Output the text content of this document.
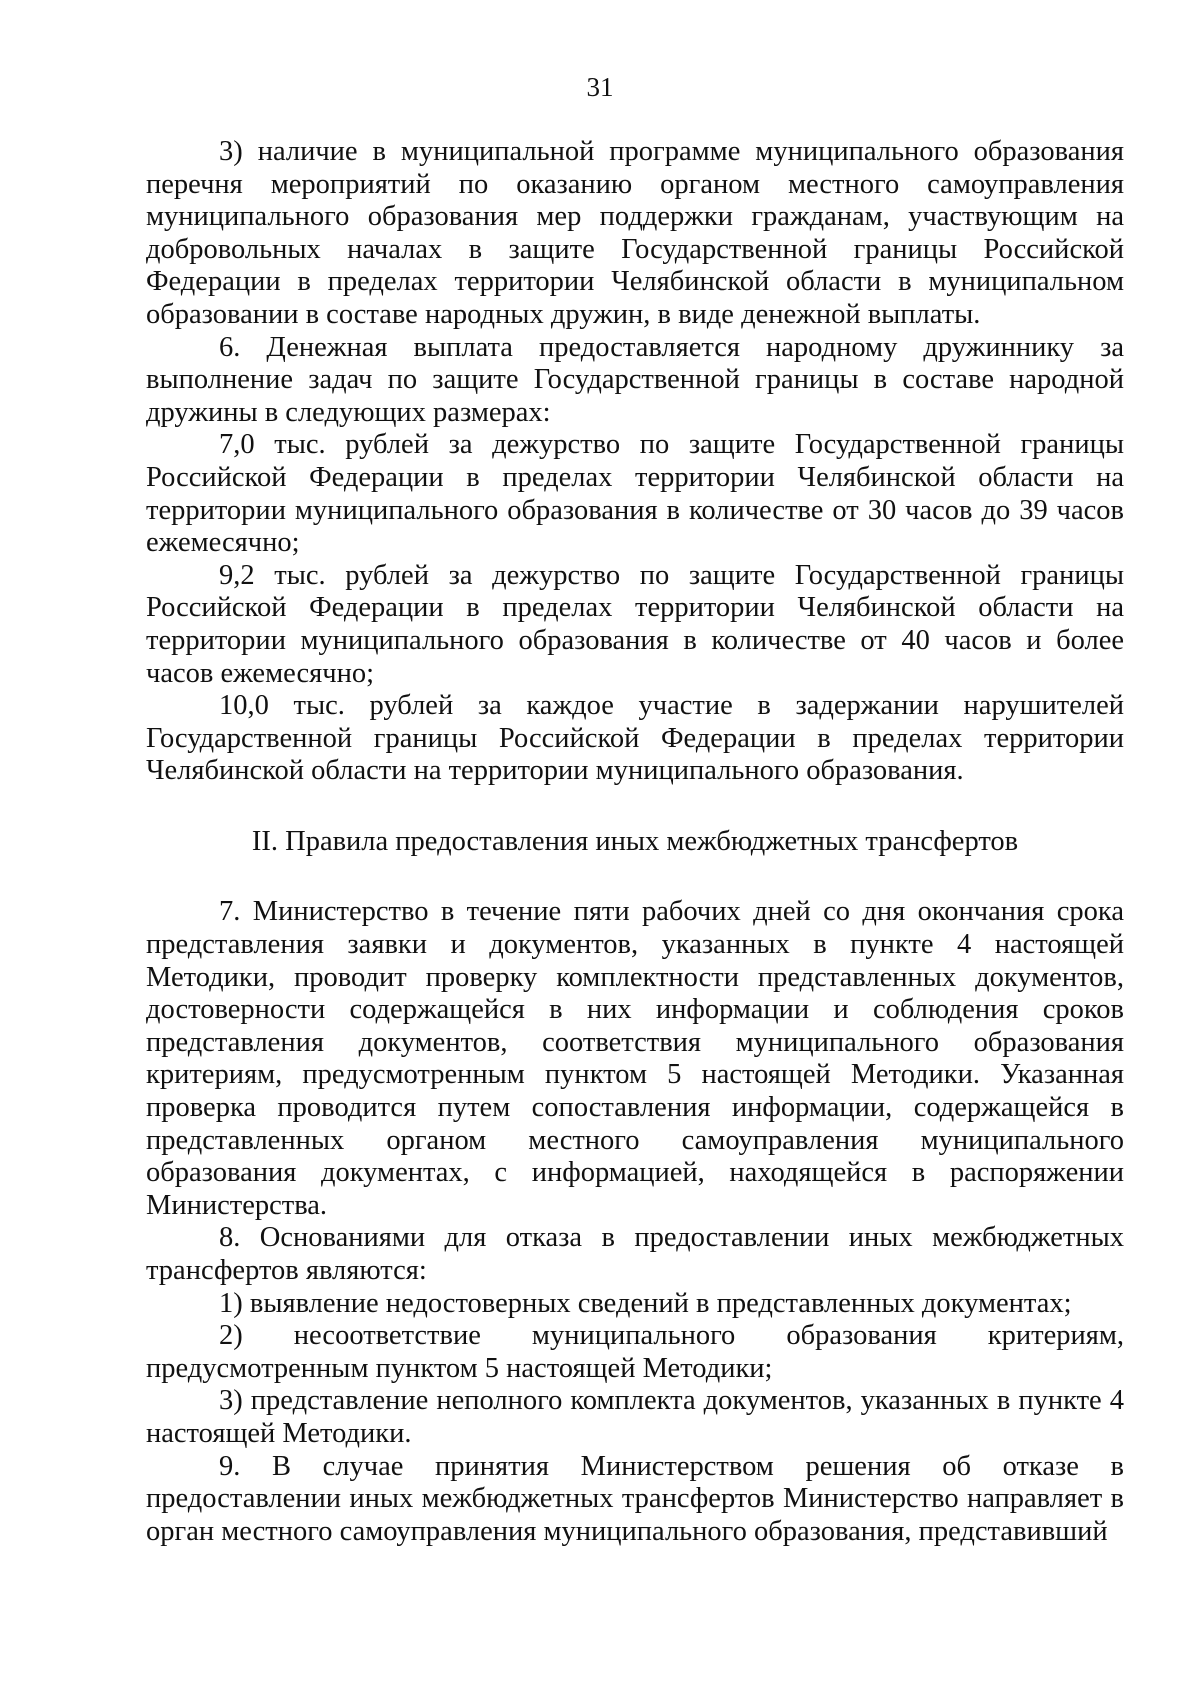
31

3) наличие в муниципальной программе муниципального образования перечня мероприятий по оказанию органом местного самоуправления муниципального образования мер поддержки гражданам, участвующим на добровольных началах в защите Государственной границы Российской Федерации в пределах территории Челябинской области в муниципальном образовании в составе народных дружин, в виде денежной выплаты.

6. Денежная выплата предоставляется народному дружиннику за выполнение задач по защите Государственной границы в составе народной дружины в следующих размерах:

7,0 тыс. рублей за дежурство по защите Государственной границы Российской Федерации в пределах территории Челябинской области на территории муниципального образования в количестве от 30 часов до 39 часов ежемесячно;

9,2 тыс. рублей за дежурство по защите Государственной границы Российской Федерации в пределах территории Челябинской области на территории муниципального образования в количестве от 40 часов и более часов ежемесячно;

10,0 тыс. рублей за каждое участие в задержании нарушителей Государственной границы Российской Федерации в пределах территории Челябинской области на территории муниципального образования.

II. Правила предоставления иных межбюджетных трансфертов

7. Министерство в течение пяти рабочих дней со дня окончания срока представления заявки и документов, указанных в пункте 4 настоящей Методики, проводит проверку комплектности представленных документов, достоверности содержащейся в них информации и соблюдения сроков представления документов, соответствия муниципального образования критериям, предусмотренным пунктом 5 настоящей Методики. Указанная проверка проводится путем сопоставления информации, содержащейся в представленных органом местного самоуправления муниципального образования документах, с информацией, находящейся в распоряжении Министерства.

8. Основаниями для отказа в предоставлении иных межбюджетных трансфертов являются:

1) выявление недостоверных сведений в представленных документах;

2) несоответствие муниципального образования критериям, предусмотренным пунктом 5 настоящей Методики;

3) представление неполного комплекта документов, указанных в пункте 4 настоящей Методики.

9. В случае принятия Министерством решения об отказе в предоставлении иных межбюджетных трансфертов Министерство направляет в орган местного самоуправления муниципального образования, представивший
